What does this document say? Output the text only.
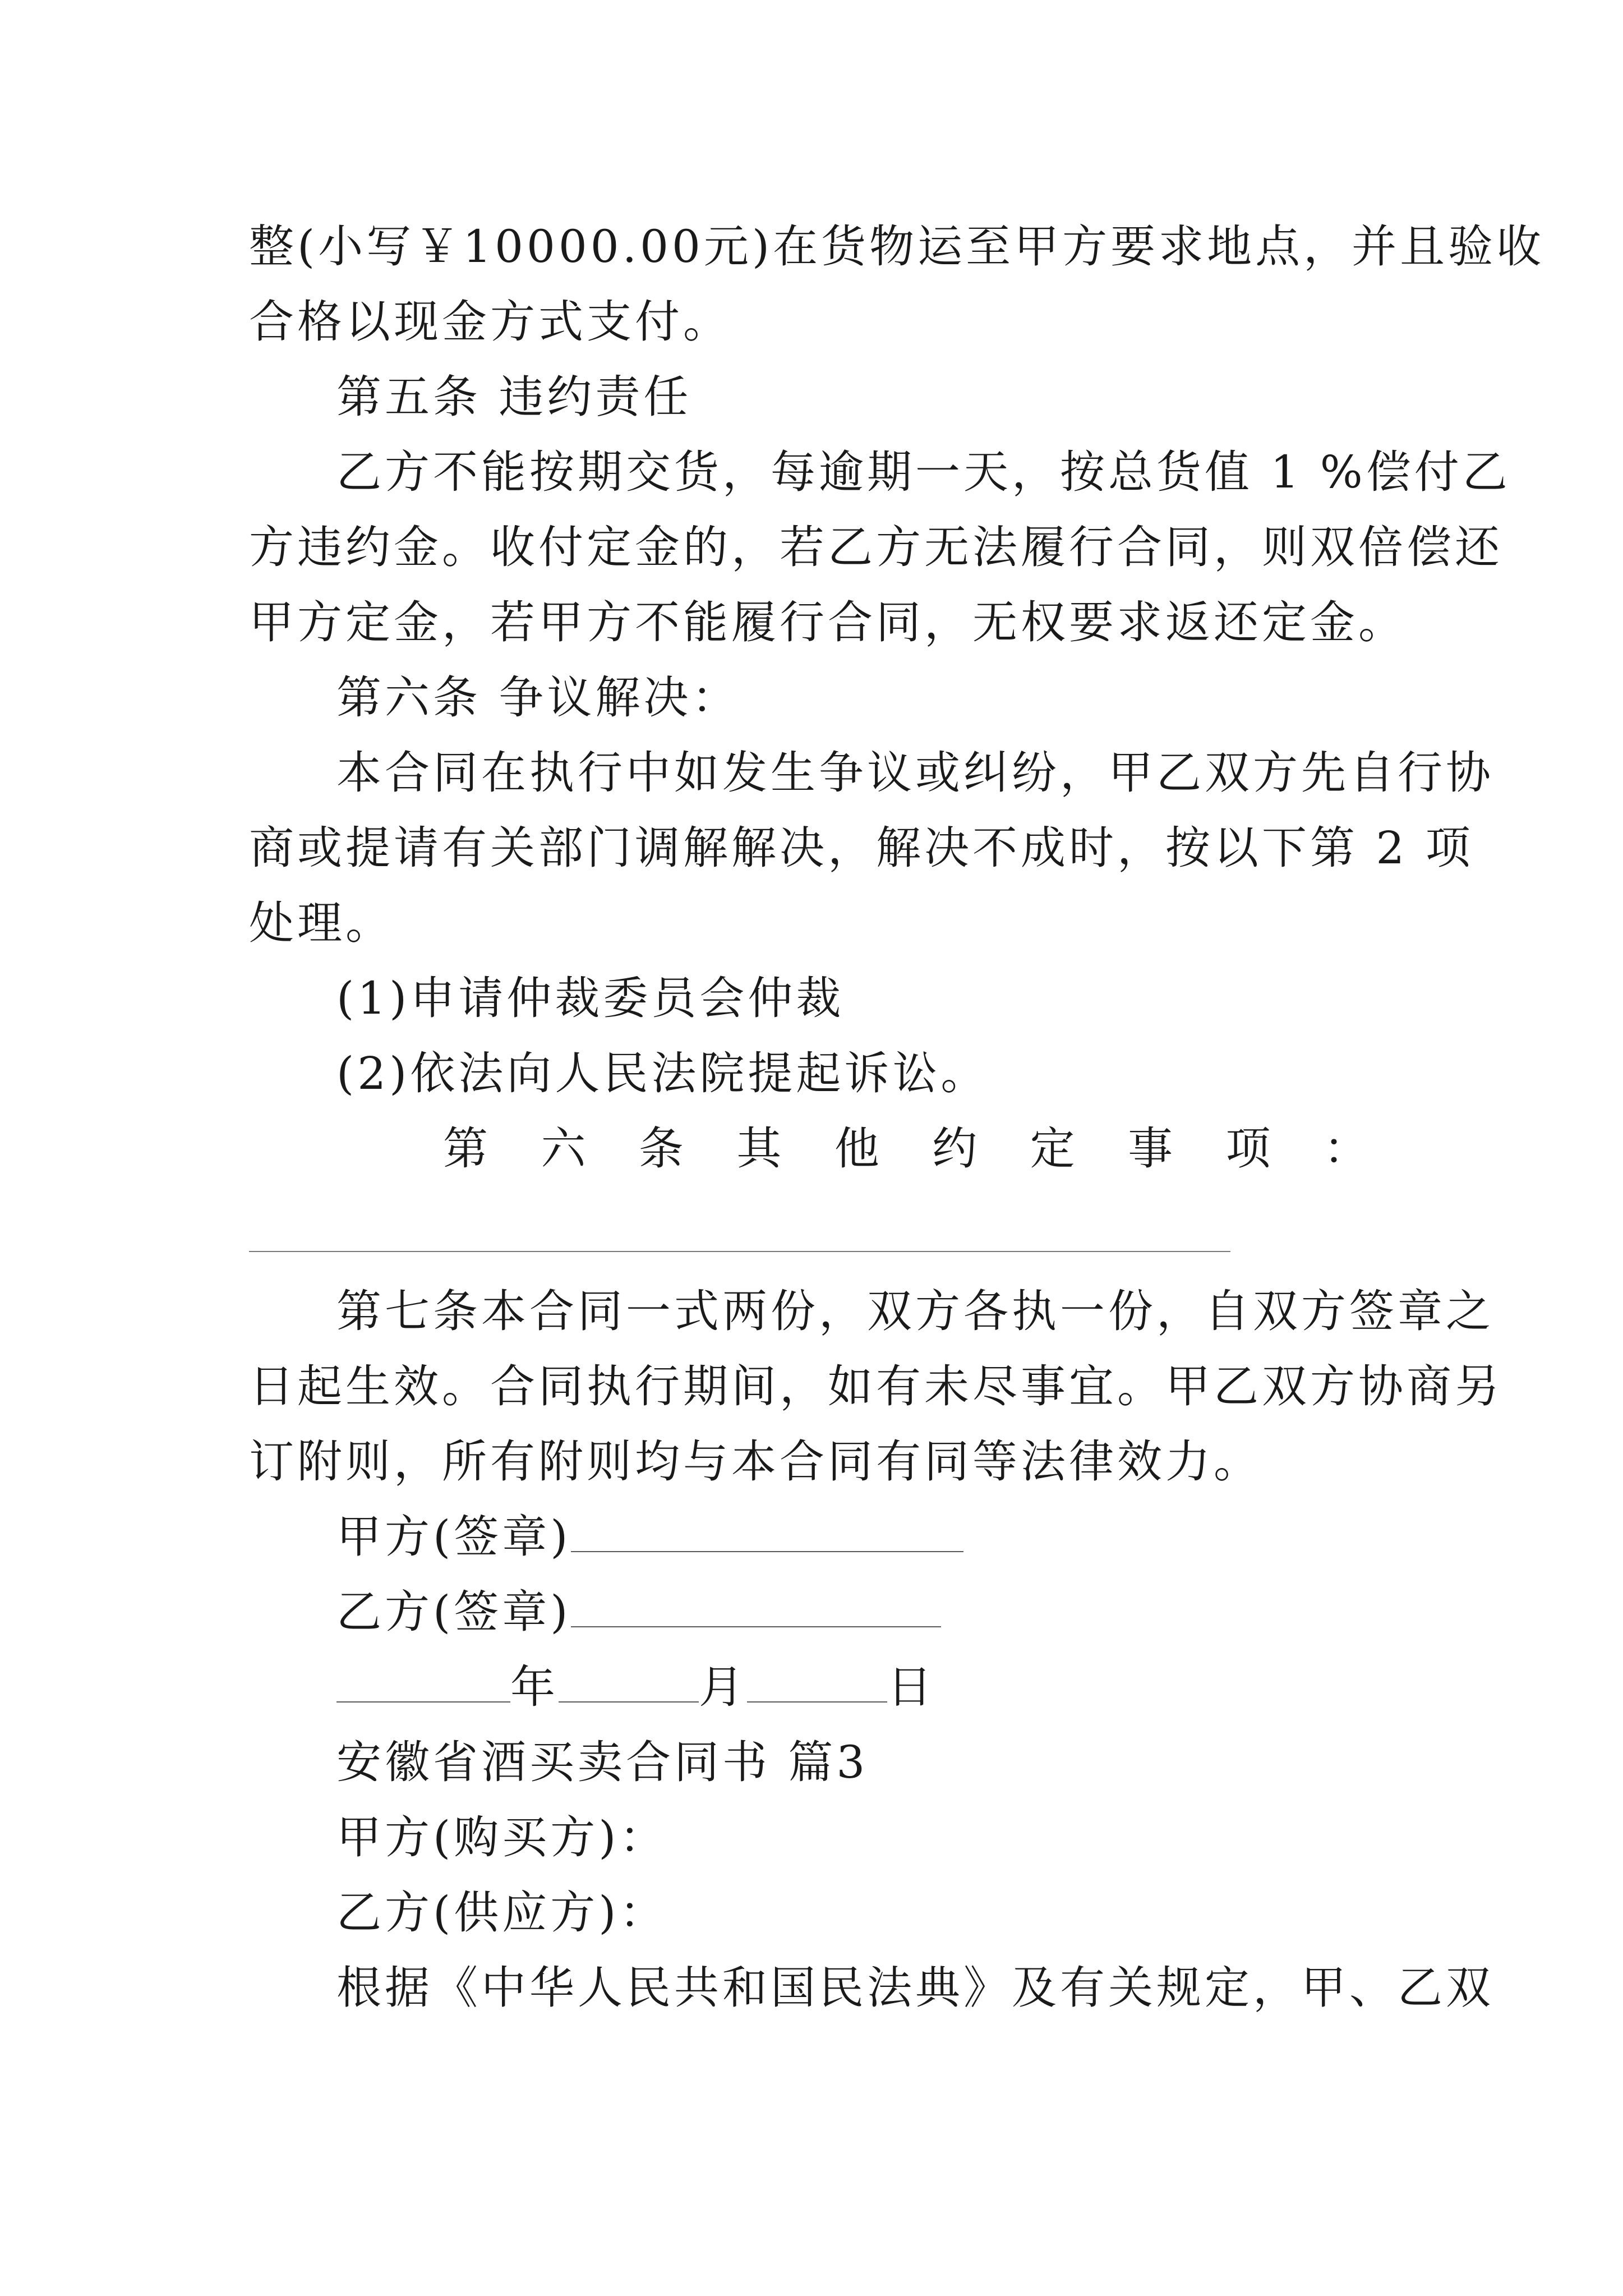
整(小写￥10000.00元)在货物运至甲方要求地点，并且验收
合格以现金方式支付。
第五条 违约责任
乙方不能按期交货，每逾期一天，按总货值 1 %偿付乙
方违约金。收付定金的，若乙方无法履行合同，则双倍偿还
甲方定金，若甲方不能履行合同，无权要求返还定金。
第六条 争议解决：
本合同在执行中如发生争议或纠纷，甲乙双方先自行协
商或提请有关部门调解解决，解决不成时，按以下第 2 项
处理。
(1)申请仲裁委员会仲裁
(2)依法向人民法院提起诉讼。
第 六 条 其 他 约 定 事 项 ：
第七条本合同一式两份，双方各执一份，自双方签章之
日起生效。合同执行期间，如有未尽事宜。甲乙双方协商另
订附则，所有附则均与本合同有同等法律效力。
甲方(签章)
乙方(签章)
年	月	日
安徽省酒买卖合同书 篇3
甲方(购买方)：
乙方(供应方)：
根据《中华人民共和国民法典》及有关规定，甲、乙双
